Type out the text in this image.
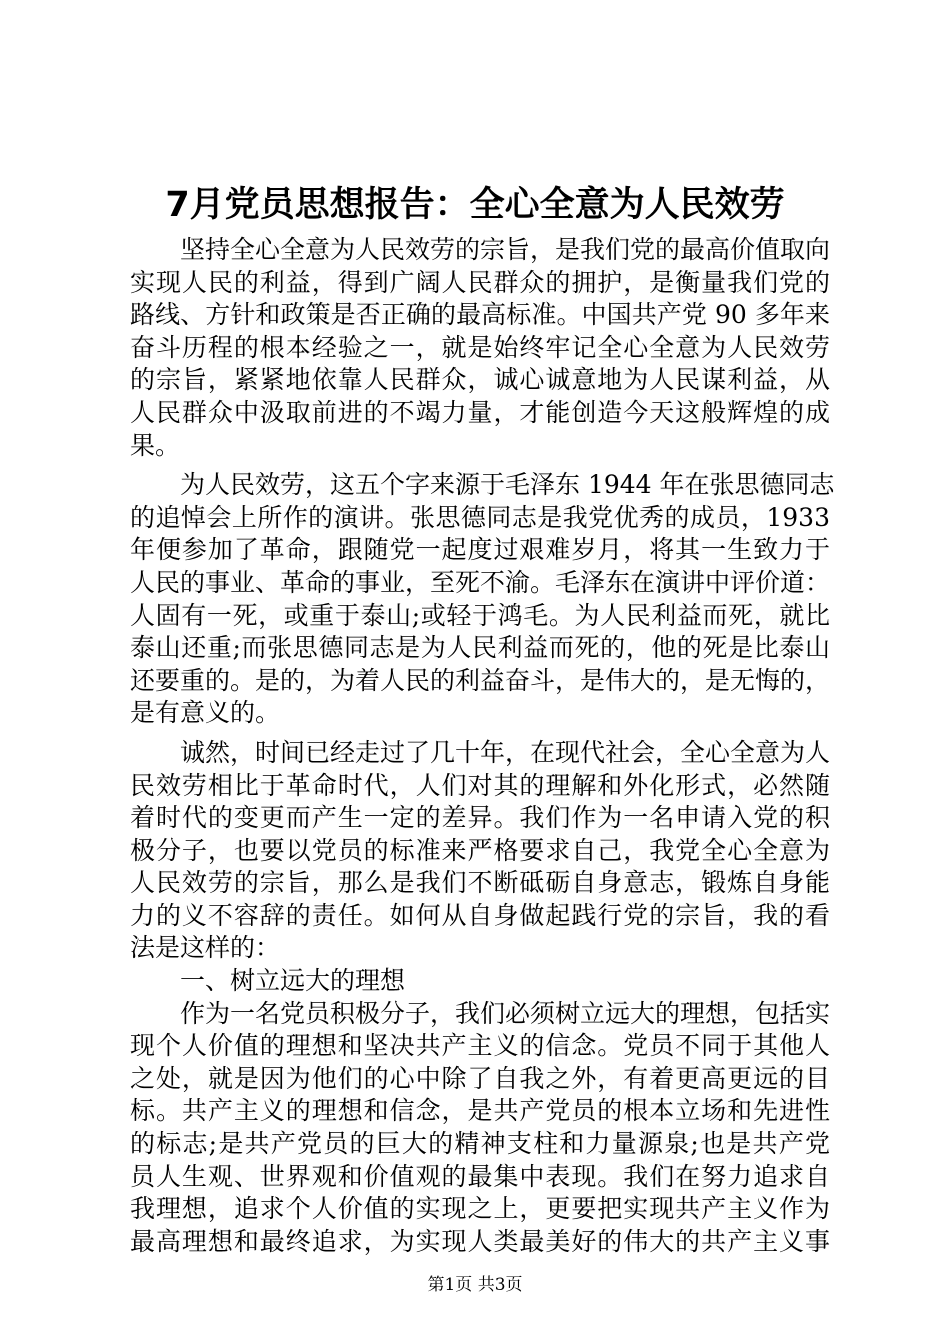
7月党员思想报告：全心全意为人民效劳
坚持全心全意为人民效劳的宗旨，是我们党的最高价值取向
实现人民的利益，得到广阔人民群众的拥护，是衡量我们党的
路线、方针和政策是否正确的最高标准。中国共产党 90 多年来
奋斗历程的根本经验之一，就是始终牢记全心全意为人民效劳
的宗旨，紧紧地依靠人民群众，诚心诚意地为人民谋利益，从
人民群众中汲取前进的不竭力量，才能创造今天这般辉煌的成
果。
为人民效劳，这五个字来源于毛泽东 1944 年在张思德同志
的追悼会上所作的演讲。张思德同志是我党优秀的成员，1933
年便参加了革命，跟随党一起度过艰难岁月，将其一生致力于
人民的事业、革命的事业，至死不渝。毛泽东在演讲中评价道：
人固有一死，或重于泰山;或轻于鸿毛。为人民利益而死，就比
泰山还重;而张思德同志是为人民利益而死的，他的死是比泰山
还要重的。是的，为着人民的利益奋斗，是伟大的，是无悔的，
是有意义的。
诚然，时间已经走过了几十年，在现代社会，全心全意为人
民效劳相比于革命时代，人们对其的理解和外化形式，必然随
着时代的变更而产生一定的差异。我们作为一名申请入党的积
极分子，也要以党员的标准来严格要求自己，我党全心全意为
人民效劳的宗旨，那么是我们不断砥砺自身意志，锻炼自身能
力的义不容辞的责任。如何从自身做起践行党的宗旨，我的看
法是这样的：
一、树立远大的理想
作为一名党员积极分子，我们必须树立远大的理想，包括实
现个人价值的理想和坚决共产主义的信念。党员不同于其他人
之处，就是因为他们的心中除了自我之外，有着更高更远的目
标。共产主义的理想和信念，是共产党员的根本立场和先进性
的标志;是共产党员的巨大的精神支柱和力量源泉;也是共产党
员人生观、世界观和价值观的最集中表现。我们在努力追求自
我理想，追求个人价值的实现之上，更要把实现共产主义作为
最高理想和最终追求，为实现人类最美好的伟大的共产主义事
第1页 共3页
